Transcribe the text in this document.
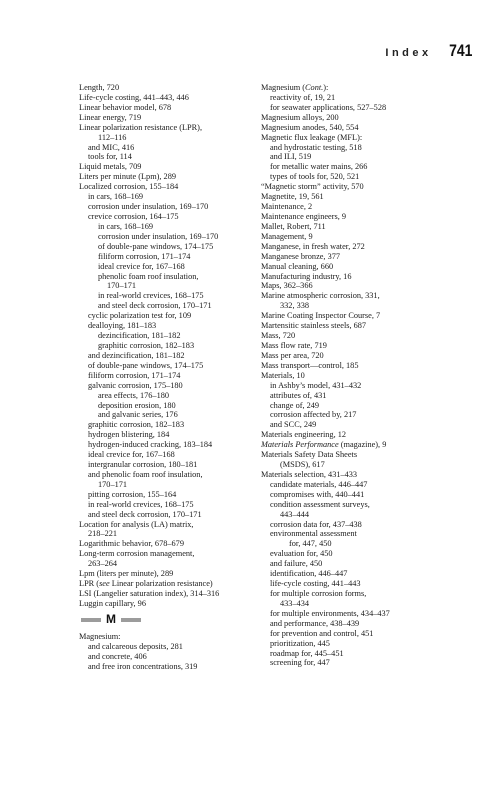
Index 741
Length, 720
Life-cycle costing, 441–443, 446
Linear behavior model, 678
Linear energy, 719
Linear polarization resistance (LPR),
112–116
and MIC, 416
tools for, 114
Liquid metals, 709
Liters per minute (Lpm), 289
Localized corrosion, 155–184
in cars, 168–169
corrosion under insulation, 169–170
crevice corrosion, 164–175
in cars, 168–169
corrosion under insulation, 169–170
of double-pane windows, 174–175
filiform corrosion, 171–174
ideal crevice for, 167–168
phenolic foam roof insulation,
170–171
in real-world crevices, 168–175
and steel deck corrosion, 170–171
cyclic polarization test for, 109
dealloying, 181–183
dezincification, 181–182
graphitic corrosion, 182–183
and dezincification, 181–182
of double-pane windows, 174–175
filiform corrosion, 171–174
galvanic corrosion, 175–180
area effects, 176–180
deposition erosion, 180
and galvanic series, 176
graphitic corrosion, 182–183
hydrogen blistering, 184
hydrogen-induced cracking, 183–184
ideal crevice for, 167–168
intergranular corrosion, 180–181
and phenolic foam roof insulation,
170–171
pitting corrosion, 155–164
in real-world crevices, 168–175
and steel deck corrosion, 170–171
Location for analysis (LA) matrix,
218–221
Logarithmic behavior, 678–679
Long-term corrosion management,
263–264
Lpm (liters per minute), 289
LPR (see Linear polarization resistance)
LSI (Langelier saturation index), 314–316
Luggin capillary, 96
M
Magnesium:
and calcareous deposits, 281
and concrete, 406
and free iron concentrations, 319
Magnesium (Cont.):
reactivity of, 19, 21
for seawater applications, 527–528
Magnesium alloys, 200
Magnesium anodes, 540, 554
Magnetic flux leakage (MFL):
and hydrostatic testing, 518
and ILI, 519
for metallic water mains, 266
types of tools for, 520, 521
“Magnetic storm” activity, 570
Magnetite, 19, 561
Maintenance, 2
Maintenance engineers, 9
Mallet, Robert, 711
Management, 9
Manganese, in fresh water, 272
Manganese bronze, 377
Manual cleaning, 660
Manufacturing industry, 16
Maps, 362–366
Marine atmospheric corrosion, 331,
332, 338
Marine Coating Inspector Course, 7
Martensitic stainless steels, 687
Mass, 720
Mass flow rate, 719
Mass per area, 720
Mass transport—control, 185
Materials, 10
in Ashby’s model, 431–432
attributes of, 431
change of, 249
corrosion affected by, 217
and SCC, 249
Materials engineering, 12
Materials Performance (magazine), 9
Materials Safety Data Sheets
(MSDS), 617
Materials selection, 431–433
candidate materials, 446–447
compromises with, 440–441
condition assessment surveys,
443–444
corrosion data for, 437–438
environmental assessment
for, 447, 450
evaluation for, 450
and failure, 450
identification, 446–447
life-cycle costing, 441–443
for multiple corrosion forms,
433–434
for multiple environments, 434–437
and performance, 438–439
for prevention and control, 451
prioritization, 445
roadmap for, 445–451
screening for, 447
